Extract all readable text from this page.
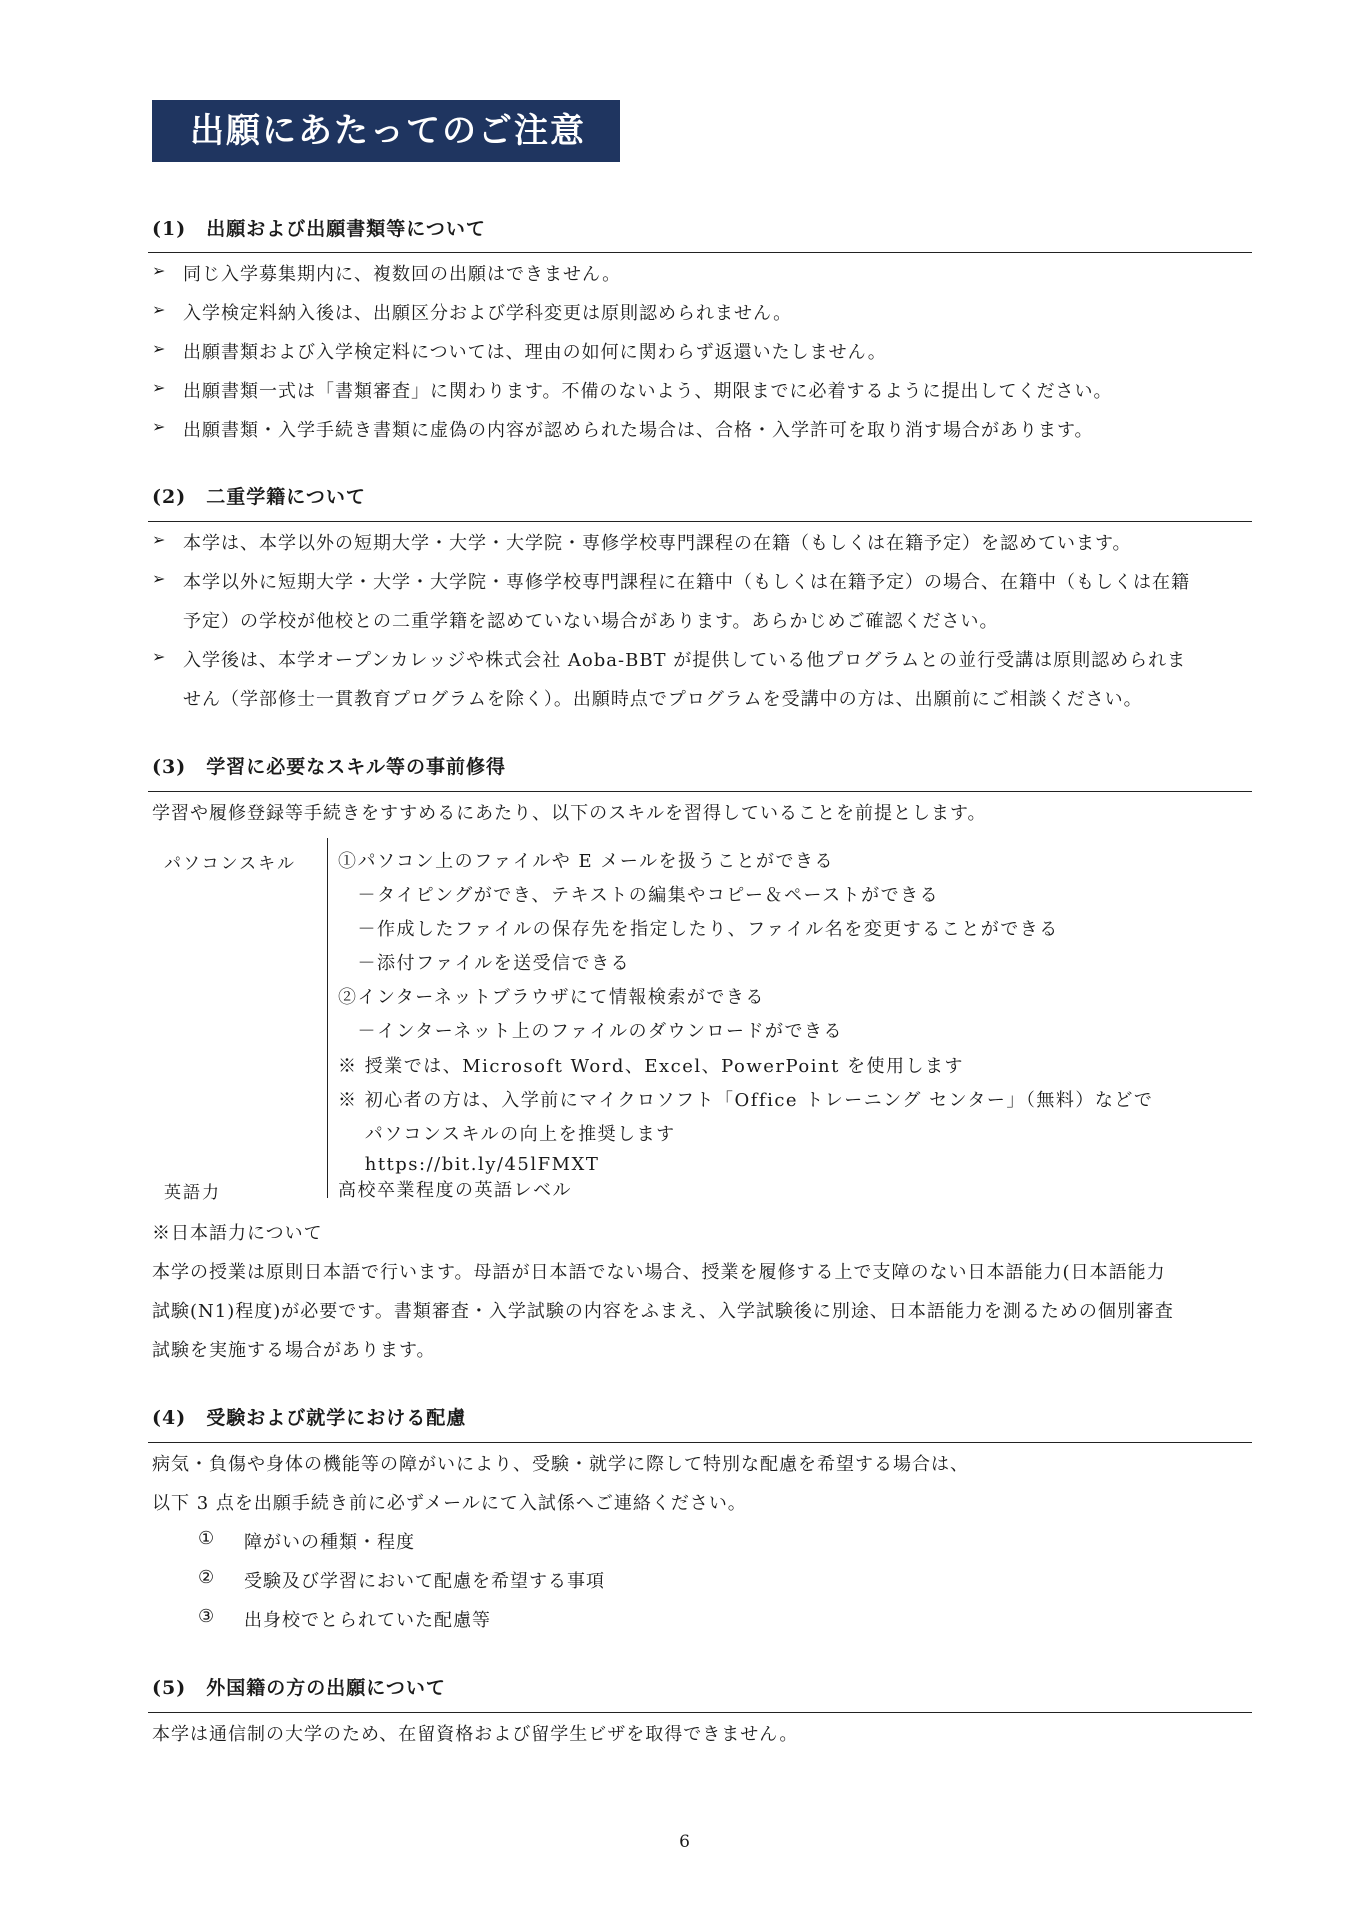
出願にあたってのご注意
(1)　出願および出願書類等について
➢ 同じ入学募集期内に、複数回の出願はできません。
➢ 入学検定料納入後は、出願区分および学科変更は原則認められません。
➢ 出願書類および入学検定料については、理由の如何に関わらず返還いたしません。
➢ 出願書類一式は「書類審査」に関わります。不備のないよう、期限までに必着するように提出してください。
➢ 出願書類・入学手続き書類に虚偽の内容が認められた場合は、合格・入学許可を取り消す場合があります。
(2)　二重学籍について
➢ 本学は、本学以外の短期大学・大学・大学院・専修学校専門課程の在籍（もしくは在籍予定）を認めています。
➢ 本学以外に短期大学・大学・大学院・専修学校専門課程に在籍中（もしくは在籍予定）の場合、在籍中（もしくは在籍
予定）の学校が他校との二重学籍を認めていない場合があります。あらかじめご確認ください。
➢ 入学後は、本学オープンカレッジや株式会社 Aoba-BBT が提供している他プログラムとの並行受講は原則認められま
せん（学部修士一貫教育プログラムを除く）。出願時点でプログラムを受講中の方は、出願前にご相談ください。
(3)　学習に必要なスキル等の事前修得
学習や履修登録等手続きをすすめるにあたり、以下のスキルを習得していることを前提とします。
パソコンスキル ①パソコン上のファイルや E メールを扱うことができる
　－タイピングができ、テキストの編集やコピー＆ペーストができる
　－作成したファイルの保存先を指定したり、ファイル名を変更することができる
　－添付ファイルを送受信できる
②インターネットブラウザにて情報検索ができる
　－インターネット上のファイルのダウンロードができる
※ 授業では、Microsoft Word、Excel、PowerPoint を使用します
※ 初心者の方は、入学前にマイクロソフト「Office トレーニング センター」（無料）などで
　 パソコンスキルの向上を推奨します
　 https://bit.ly/45lFMXT
英語力	高校卒業程度の英語レベル
※日本語力について
本学の授業は原則日本語で行います。母語が日本語でない場合、授業を履修する上で支障のない日本語能力(日本語能力
試験(N1)程度)が必要です。書類審査・入学試験の内容をふまえ、入学試験後に別途、日本語能力を測るための個別審査
試験を実施する場合があります。
(4)　受験および就学における配慮
病気・負傷や身体の機能等の障がいにより、受験・就学に際して特別な配慮を希望する場合は、
以下 3 点を出願手続き前に必ずメールにて入試係へご連絡ください。
① 障がいの種類・程度
② 受験及び学習において配慮を希望する事項
③ 出身校でとられていた配慮等
(5)　外国籍の方の出願について
本学は通信制の大学のため、在留資格および留学生ビザを取得できません。
6
